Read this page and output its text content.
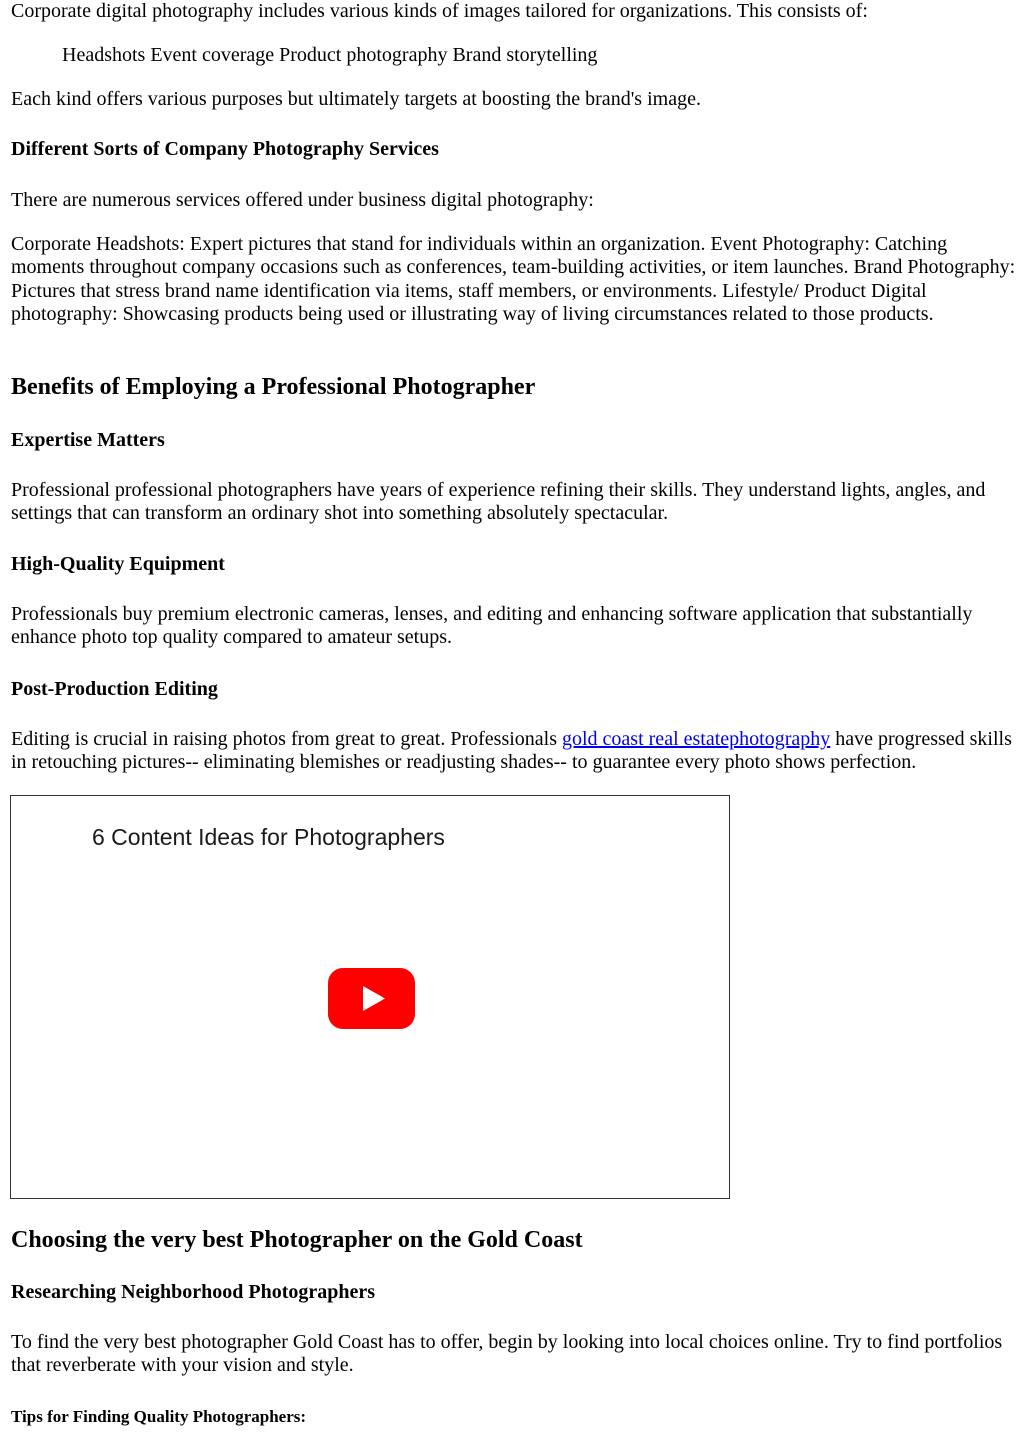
Corporate digital photography includes various kinds of images tailored for organizations. This consists of:

Headshots Event coverage Product photography Brand storytelling

Each kind offers various purposes but ultimately targets at boosting the brand's image.

Different Sorts of Company Photography Services

There are numerous services offered under business digital photography:

Corporate Headshots: Expert pictures that stand for individuals within an organization. Event Photography: Catching moments throughout company occasions such as conferences, team-building activities, or item launches. Brand Photography: Pictures that stress brand name identification via items, staff members, or environments. Lifestyle/ Product Digital photography: Showcasing products being used or illustrating way of living circumstances related to those products.

Benefits of Employing a Professional Photographer
Expertise Matters

Professional professional photographers have years of experience refining their skills. They understand lights, angles, and settings that can transform an ordinary shot into something absolutely spectacular.

High-Quality Equipment

Professionals buy premium electronic cameras, lenses, and editing and enhancing software application that substantially enhance photo top quality compared to amateur setups.

Post-Production Editing

Editing is crucial in raising photos from great to great. Professionals gold coast real estatephotography have progressed skills in retouching pictures-- eliminating blemishes or readjusting shades-- to guarantee every photo shows perfection.

6 Content Ideas for Photographers
Choosing the very best Photographer on the Gold Coast
Researching Neighborhood Photographers

To find the very best photographer Gold Coast has to offer, begin by looking into local choices online. Try to find portfolios that reverberate with your vision and style.

Tips for Finding Quality Photographers:
